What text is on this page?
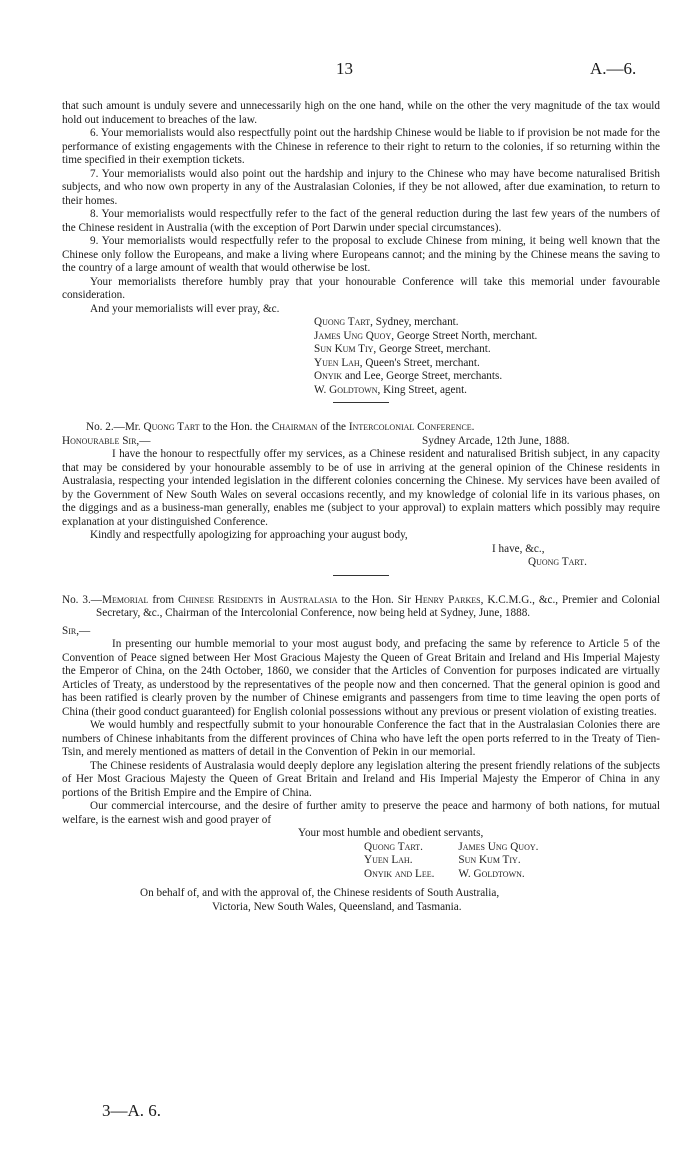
13	A.—6.

that such amount is unduly severe and unnecessarily high on the one hand, while on the other the very magnitude of the tax would hold out inducement to breaches of the law.

6. Your memorialists would also respectfully point out the hardship Chinese would be liable to if provision be not made for the performance of existing engagements with the Chinese in reference to their right to return to the colonies, if so returning within the time specified in their exemption tickets.

7. Your memorialists would also point out the hardship and injury to the Chinese who may have become naturalised British subjects, and who now own property in any of the Australasian Colonies, if they be not allowed, after due examination, to return to their homes.

8. Your memorialists would respectfully refer to the fact of the general reduction during the last few years of the numbers of the Chinese resident in Australia (with the exception of Port Darwin under special circumstances).

9. Your memorialists would respectfully refer to the proposal to exclude Chinese from mining, it being well known that the Chinese only follow the Europeans, and make a living where Europeans cannot; and the mining by the Chinese means the saving to the country of a large amount of wealth that would otherwise be lost.

Your memorialists therefore humbly pray that your honourable Conference will take this memorial under favourable consideration.

And your memorialists will ever pray, &c.

Quong Tart, Sydney, merchant.

James Ung Quoy, George Street North, merchant.

Sun Kum Tiy, George Street, merchant.

Yuen Lah, Queen's Street, merchant.

Onyik and Lee, George Street, merchants.

W. Goldtown, King Street, agent.

No. 2.—Mr. Quong Tart to the Hon. the Chairman of the Intercolonial Conference.

Honourable Sir,—	Sydney Arcade, 12th June, 1888.

I have the honour to respectfully offer my services, as a Chinese resident and naturalised British subject, in any capacity that may be considered by your honourable assembly to be of use in arriving at the general opinion of the Chinese residents in Australasia, respecting your intended legislation in the different colonies concerning the Chinese. My services have been availed of by the Government of New South Wales on several occasions recently, and my knowledge of colonial life in its various phases, on the diggings and as a business-man generally, enables me (subject to your approval) to explain matters which possibly may require explanation at your distinguished Conference.

Kindly and respectfully apologizing for approaching your august body,

I have, &c.,

Quong Tart.

No. 3.—Memorial from Chinese Residents in Australasia to the Hon. Sir Henry Parkes, K.C.M.G., &c., Premier and Colonial Secretary, &c., Chairman of the Intercolonial Conference, now being held at Sydney, June, 1888.

Sir,—

In presenting our humble memorial to your most august body, and prefacing the same by reference to Article 5 of the Convention of Peace signed between Her Most Gracious Majesty the Queen of Great Britain and Ireland and His Imperial Majesty the Emperor of China, on the 24th October, 1860, we consider that the Articles of Convention for purposes indicated are virtually Articles of Treaty, as understood by the representatives of the people now and then concerned. That the general opinion is good and has been ratified is clearly proven by the number of Chinese emigrants and passengers from time to time leaving the open ports of China (their good conduct guaranteed) for English colonial possessions without any previous or present violation of existing treaties.

We would humbly and respectfully submit to your honourable Conference the fact that in the Australasian Colonies there are numbers of Chinese inhabitants from the different provinces of China who have left the open ports referred to in the Treaty of Tien-Tsin, and merely mentioned as matters of detail in the Convention of Pekin in our memorial.

The Chinese residents of Australasia would deeply deplore any legislation altering the present friendly relations of the subjects of Her Most Gracious Majesty the Queen of Great Britain and Ireland and His Imperial Majesty the Emperor of China in any portions of the British Empire and the Empire of China.

Our commercial intercourse, and the desire of further amity to preserve the peace and harmony of both nations, for mutual welfare, is the earnest wish and good prayer of

Your most humble and obedient servants,

Quong Tart.	James Ung Quoy.
Yuen Lah.	Sun Kum Tiy.
Onyik and Lee.	W. Goldtown.

On behalf of, and with the approval of, the Chinese residents of South Australia,

Victoria, New South Wales, Queensland, and Tasmania.

3—A. 6.
